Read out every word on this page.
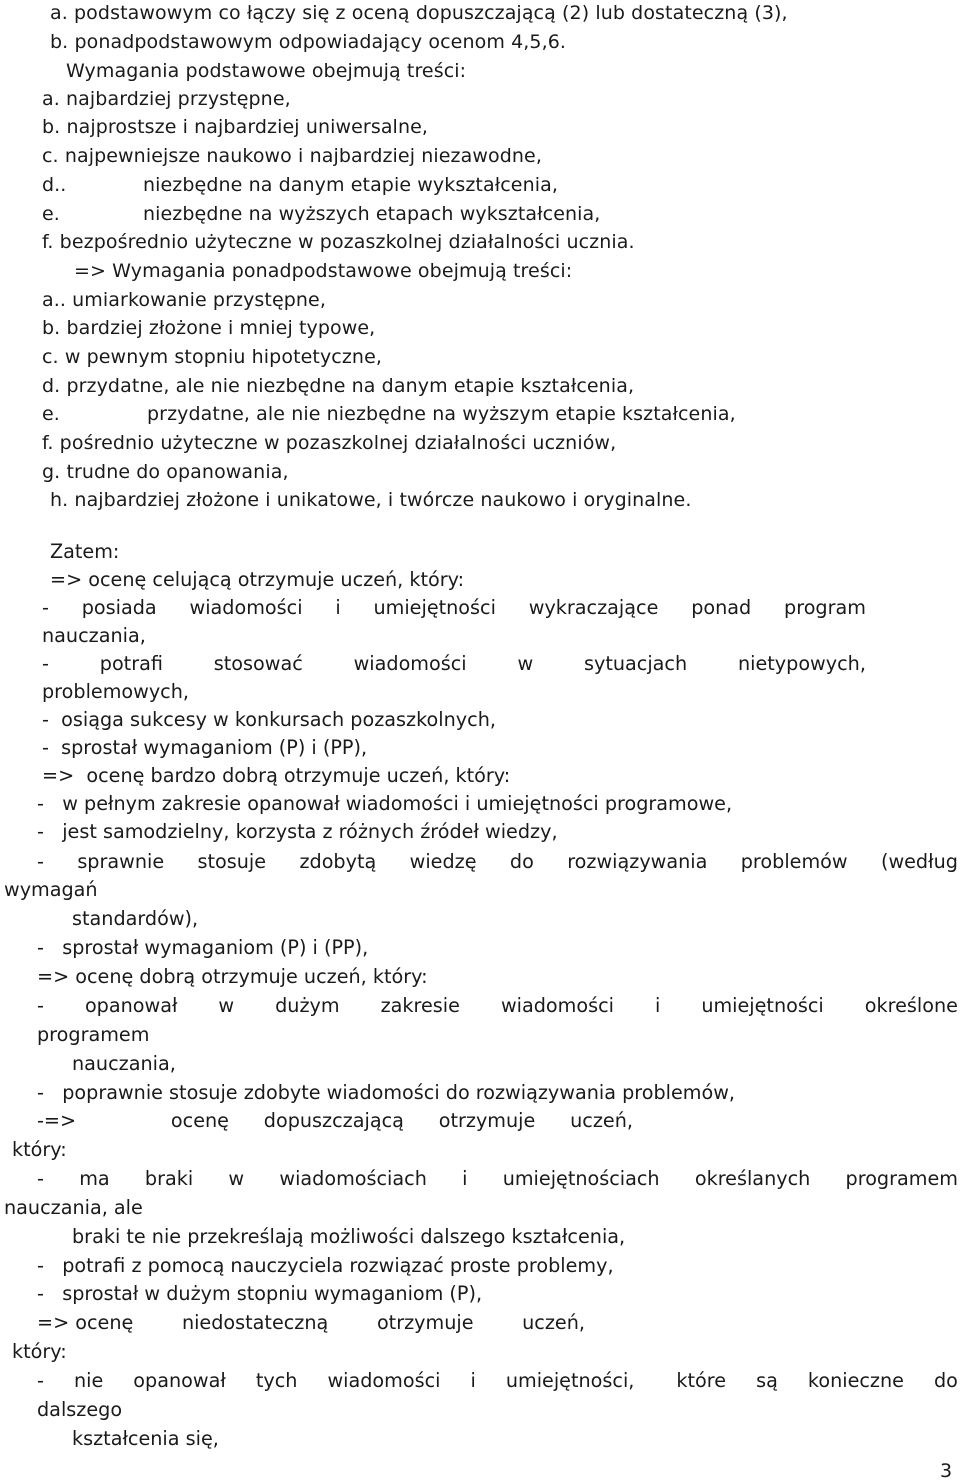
a. podstawowym co łączy się z oceną dopuszczającą (2) lub dostateczną (3),
b. ponadpodstawowym odpowiadający ocenom 4,5,6.
Wymagania podstawowe obejmują treści:
a. najbardziej przystępne,
b. najprostsze i najbardziej uniwersalne,
c. najpewniejsze naukowo i najbardziej niezawodne,
d..	niezbędne na danym etapie wykształcenia,
e.	niezbędne na wyższych etapach wykształcenia,
f. bezpośrednio użyteczne w pozaszkolnej działalności ucznia.
=> Wymagania ponadpodstawowe obejmują treści:
a.. umiarkowanie przystępne,
b. bardziej złożone i mniej typowe,
c. w pewnym stopniu hipotetyczne,
d. przydatne, ale nie niezbędne na danym etapie kształcenia,
e.	przydatne, ale nie niezbędne na wyższym etapie kształcenia,
f. pośrednio użyteczne w pozaszkolnej działalności uczniów,
g. trudne do opanowania,
h. najbardziej złożone i unikatowe, i twórcze naukowo i oryginalne.
Zatem:
=> ocenę celującą otrzymuje uczeń, który:
- posiada wiadomości i umiejętności wykraczające ponad program
nauczania,
-	potrafi	stosować	wiadomości	w	sytuacjach	nietypowych,
problemowych,
-  osiąga sukcesy w konkursach pozaszkolnych,
-  sprostał wymaganiom (P) i (PP),
=>  ocenę bardzo dobrą otrzymuje uczeń, który:
-   w pełnym zakresie opanował wiadomości i umiejętności programowe,
-   jest samodzielny, korzysta z różnych źródeł wiedzy,
- sprawnie stosuje zdobytą wiedzę do rozwiązywania problemów (według
wymagań
standardów),
-   sprostał wymaganiom (P) i (PP),
=> ocenę dobrą otrzymuje uczeń, który:
- opanował w dużym zakresie wiadomości i umiejętności określone
programem
nauczania,
-   poprawnie stosuje zdobyte wiadomości do rozwiązywania problemów,
-=>	ocenę dopuszczającą otrzymuje uczeń,
który:
- ma braki w wiadomościach i umiejętnościach określanych programem
nauczania, ale
braki te nie przekreślają możliwości dalszego kształcenia,
-   potrafi z pomocą nauczyciela rozwiązać proste problemy,
-   sprostał w dużym stopniu wymaganiom (P),
=> ocenę	niedostateczną	otrzymuje	uczeń,
który:
- nie opanował tych wiadomości i umiejętności, które są konieczne do
dalszego
kształcenia się,
3
